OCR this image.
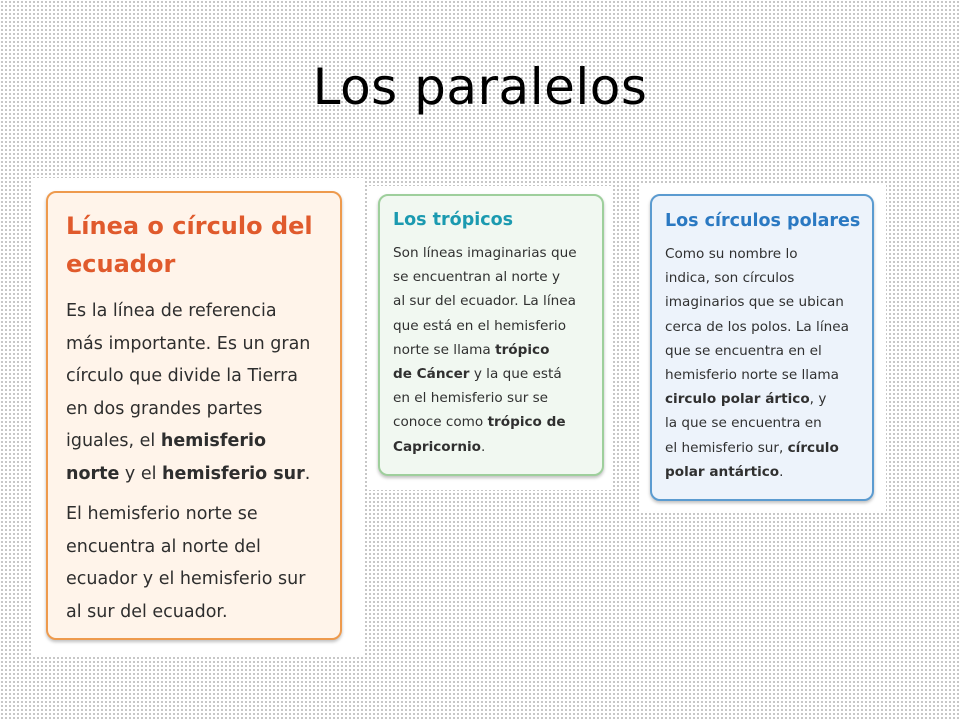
Los paralelos
Línea o círculo del
ecuador

Es la línea de referencia
más importante. Es un gran
círculo que divide la Tierra
en dos grandes partes
iguales, el hemisferio
norte y el hemisferio sur.

El hemisferio norte se
encuentra al norte del
ecuador y el hemisferio sur
al sur del ecuador.

Los trópicos

Son líneas imaginarias que
se encuentran al norte y
al sur del ecuador. La línea
que está en el hemisferio
norte se llama trópico
de Cáncer y la que está
en el hemisferio sur se
conoce como trópico de
Capricornio.

Los círculos polares

Como su nombre lo
indica, son círculos
imaginarios que se ubican
cerca de los polos. La línea
que se encuentra en el
hemisferio norte se llama
circulo polar ártico, y
la que se encuentra en
el hemisferio sur, círculo
polar antártico.
